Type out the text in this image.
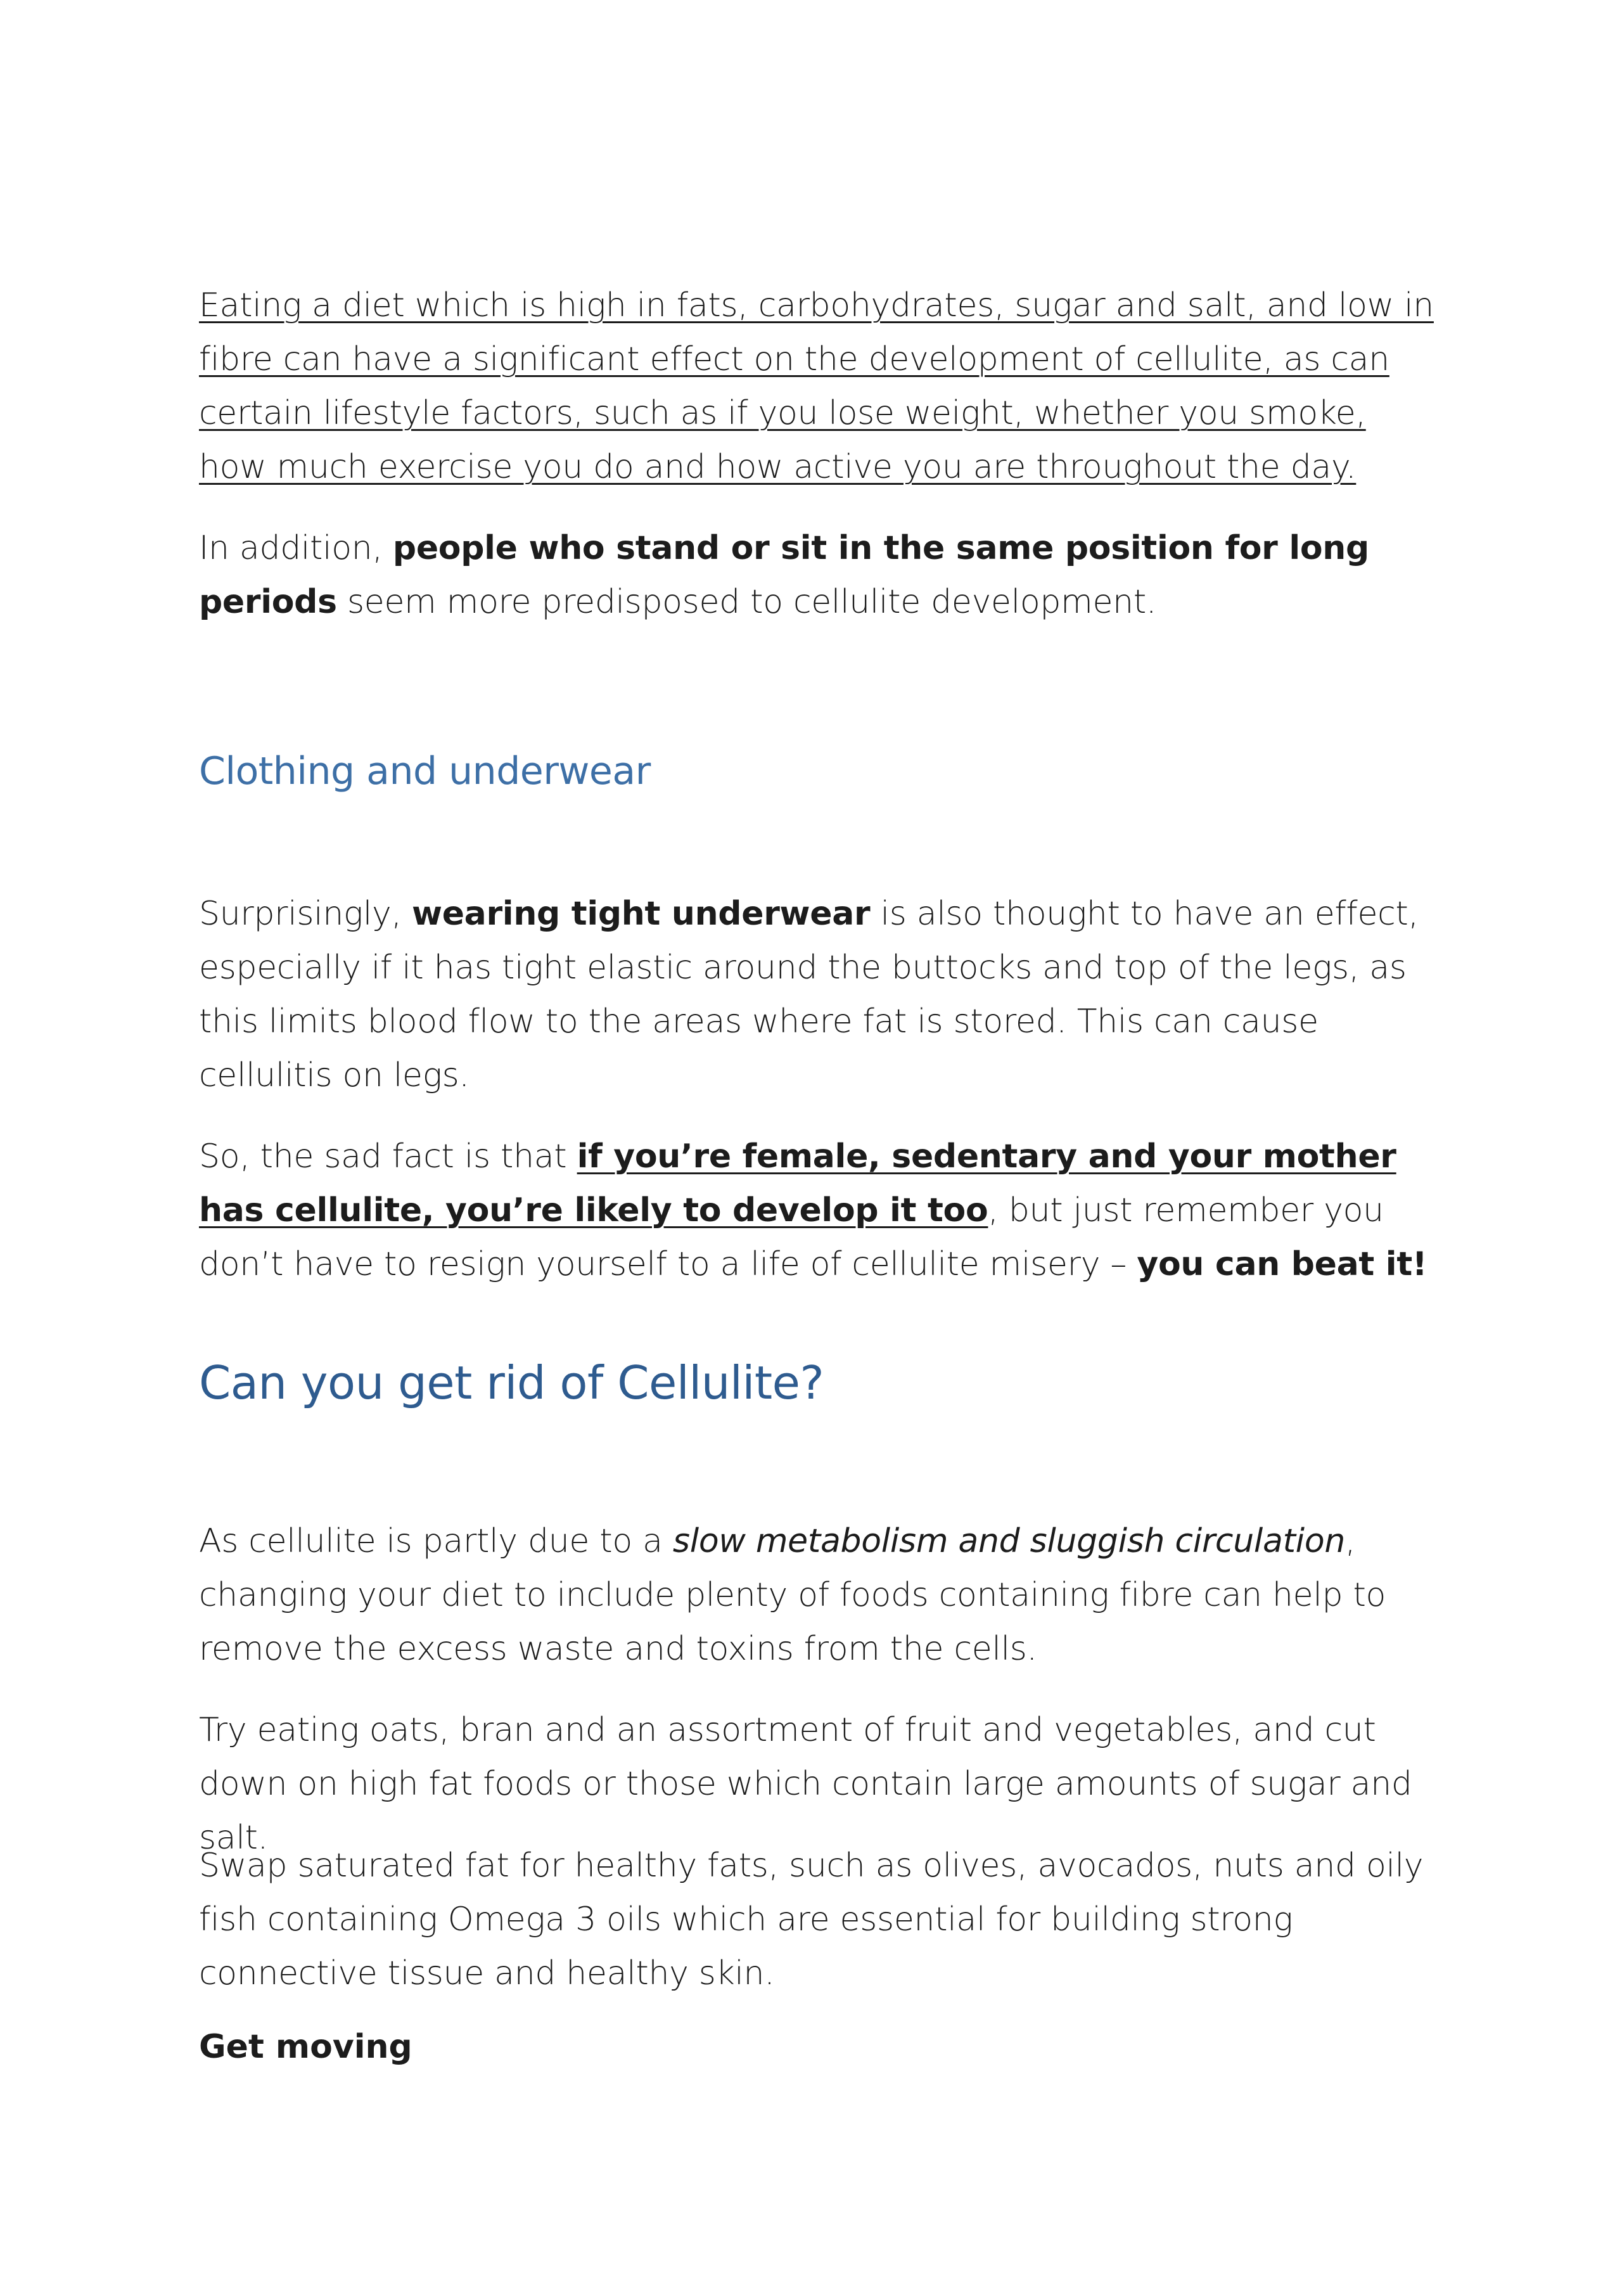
Eating a diet which is high in fats, carbohydrates, sugar and salt, and low in fibre can have a significant effect on the development of cellulite, as can certain lifestyle factors, such as if you lose weight, whether you smoke, how much exercise you do and how active you are throughout the day.

In addition, people who stand or sit in the same position for long periods seem more predisposed to cellulite development.

Clothing and underwear

Surprisingly, wearing tight underwear is also thought to have an effect, especially if it has tight elastic around the buttocks and top of the legs, as this limits blood flow to the areas where fat is stored. This can cause cellulitis on legs.

So, the sad fact is that if you’re female, sedentary and your mother has cellulite, you’re likely to develop it too, but just remember you don’t have to resign yourself to a life of cellulite misery – you can beat it!

Can you get rid of Cellulite?

As cellulite is partly due to a slow metabolism and sluggish circulation, changing your diet to include plenty of foods containing fibre can help to remove the excess waste and toxins from the cells.

Try eating oats, bran and an assortment of fruit and vegetables, and cut down on high fat foods or those which contain large amounts of sugar and salt.

Swap saturated fat for healthy fats, such as olives, avocados, nuts and oily fish containing Omega 3 oils which are essential for building strong connective tissue and healthy skin.

Get moving
